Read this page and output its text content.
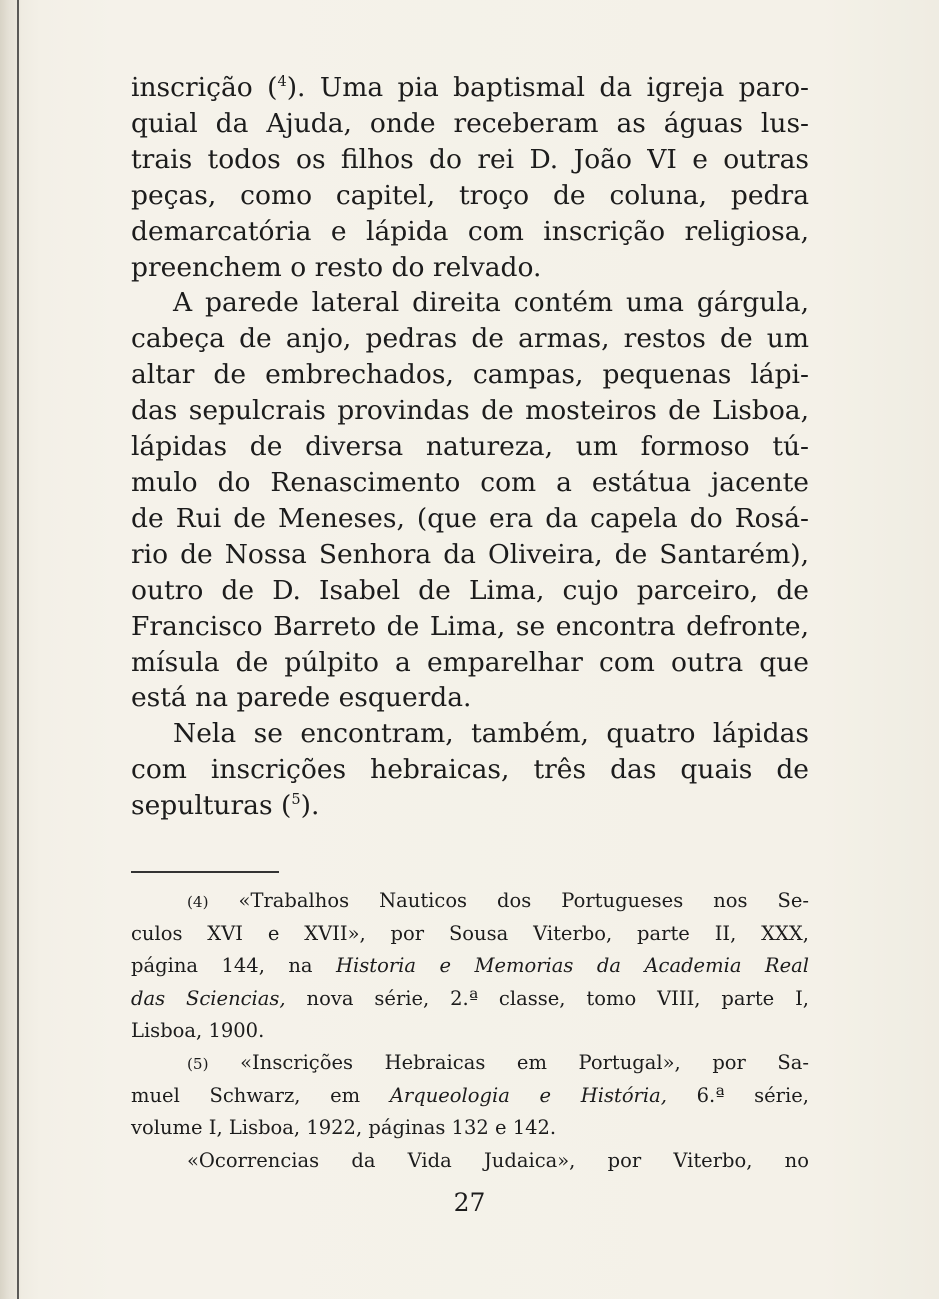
inscrição ($^4$). Uma pia baptismal da igreja paro-
quial da Ajuda, onde receberam as águas lus-
trais todos os filhos do rei D. João VI e outras
peças, como capitel, troço de coluna, pedra
demarcatória e lápida com inscrição religiosa,
preenchem o resto do relvado.

A parede lateral direita contém uma gárgula,
cabeça de anjo, pedras de armas, restos de um
altar de embrechados, campas, pequenas lápi-
das sepulcrais provindas de mosteiros de Lisboa,
lápidas de diversa natureza, um formoso tú-
mulo do Renascimento com a estátua jacente
de Rui de Meneses, (que era da capela do Rosá-
rio de Nossa Senhora da Oliveira, de Santarém),
outro de D. Isabel de Lima, cujo parceiro, de
Francisco Barreto de Lima, se encontra defronte,
mísula de púlpito a emparelhar com outra que
está na parede esquerda.

Nela se encontram, também, quatro lápidas
com inscrições hebraicas, três das quais de
sepulturas ($^5$).

(4) «Trabalhos Nauticos dos Portugueses nos Se-
culos XVI e XVII», por Sousa Viterbo, parte II, XXX,
página 144, na Historia e Memorias da Academia Real
das Sciencias, nova série, 2.ª classe, tomo VIII, parte I,
Lisboa, 1900.
(5) «Inscrições Hebraicas em Portugal», por Sa-
muel Schwarz, em Arqueologia e História, 6.ª série,
volume I, Lisboa, 1922, páginas 132 e 142.
«Ocorrencias da Vida Judaica», por Viterbo, no
27
